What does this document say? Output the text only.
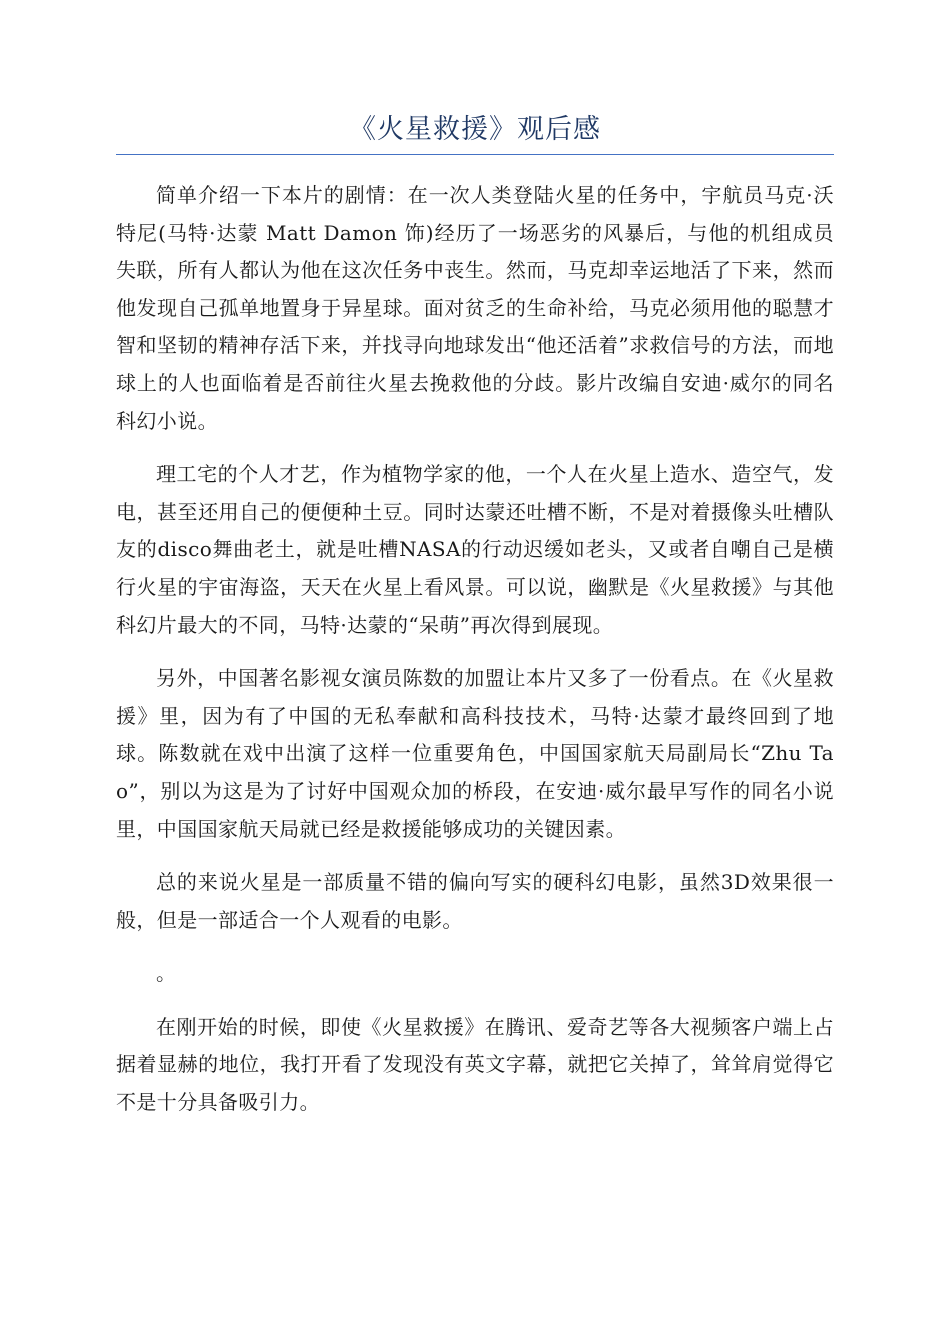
《火星救援》观后感

简单介绍一下本片的剧情：在一次人类登陆火星的任务中，宇航员马克·沃特尼(马特·达蒙 Matt Damon 饰)经历了一场恶劣的风暴后，与他的机组成员失联，所有人都认为他在这次任务中丧生。然而，马克却幸运地活了下来，然而他发现自己孤单地置身于异星球。面对贫乏的生命补给，马克必须用他的聪慧才智和坚韧的精神存活下来，并找寻向地球发出“他还活着”求救信号的方法，而地球上的人也面临着是否前往火星去挽救他的分歧。影片改编自安迪·威尔的同名科幻小说。

理工宅的个人才艺，作为植物学家的他，一个人在火星上造水、造空气，发电，甚至还用自己的便便种土豆。同时达蒙还吐槽不断，不是对着摄像头吐槽队友的disco舞曲老土，就是吐槽NASA的行动迟缓如老头，又或者自嘲自己是横行火星的宇宙海盗，天天在火星上看风景。可以说，幽默是《火星救援》与其他科幻片最大的不同，马特·达蒙的“呆萌”再次得到展现。

另外，中国著名影视女演员陈数的加盟让本片又多了一份看点。在《火星救援》里，因为有了中国的无私奉献和高科技技术，马特·达蒙才最终回到了地球。陈数就在戏中出演了这样一位重要角色，中国国家航天局副局长“Zhu Tao”，别以为这是为了讨好中国观众加的桥段，在安迪·威尔最早写作的同名小说里，中国国家航天局就已经是救援能够成功的关键因素。

总的来说火星是一部质量不错的偏向写实的硬科幻电影，虽然3D效果很一般，但是一部适合一个人观看的电影。

。

在刚开始的时候，即使《火星救援》在腾讯、爱奇艺等各大视频客户端上占据着显赫的地位，我打开看了发现没有英文字幕，就把它关掉了，耸耸肩觉得它不是十分具备吸引力。
